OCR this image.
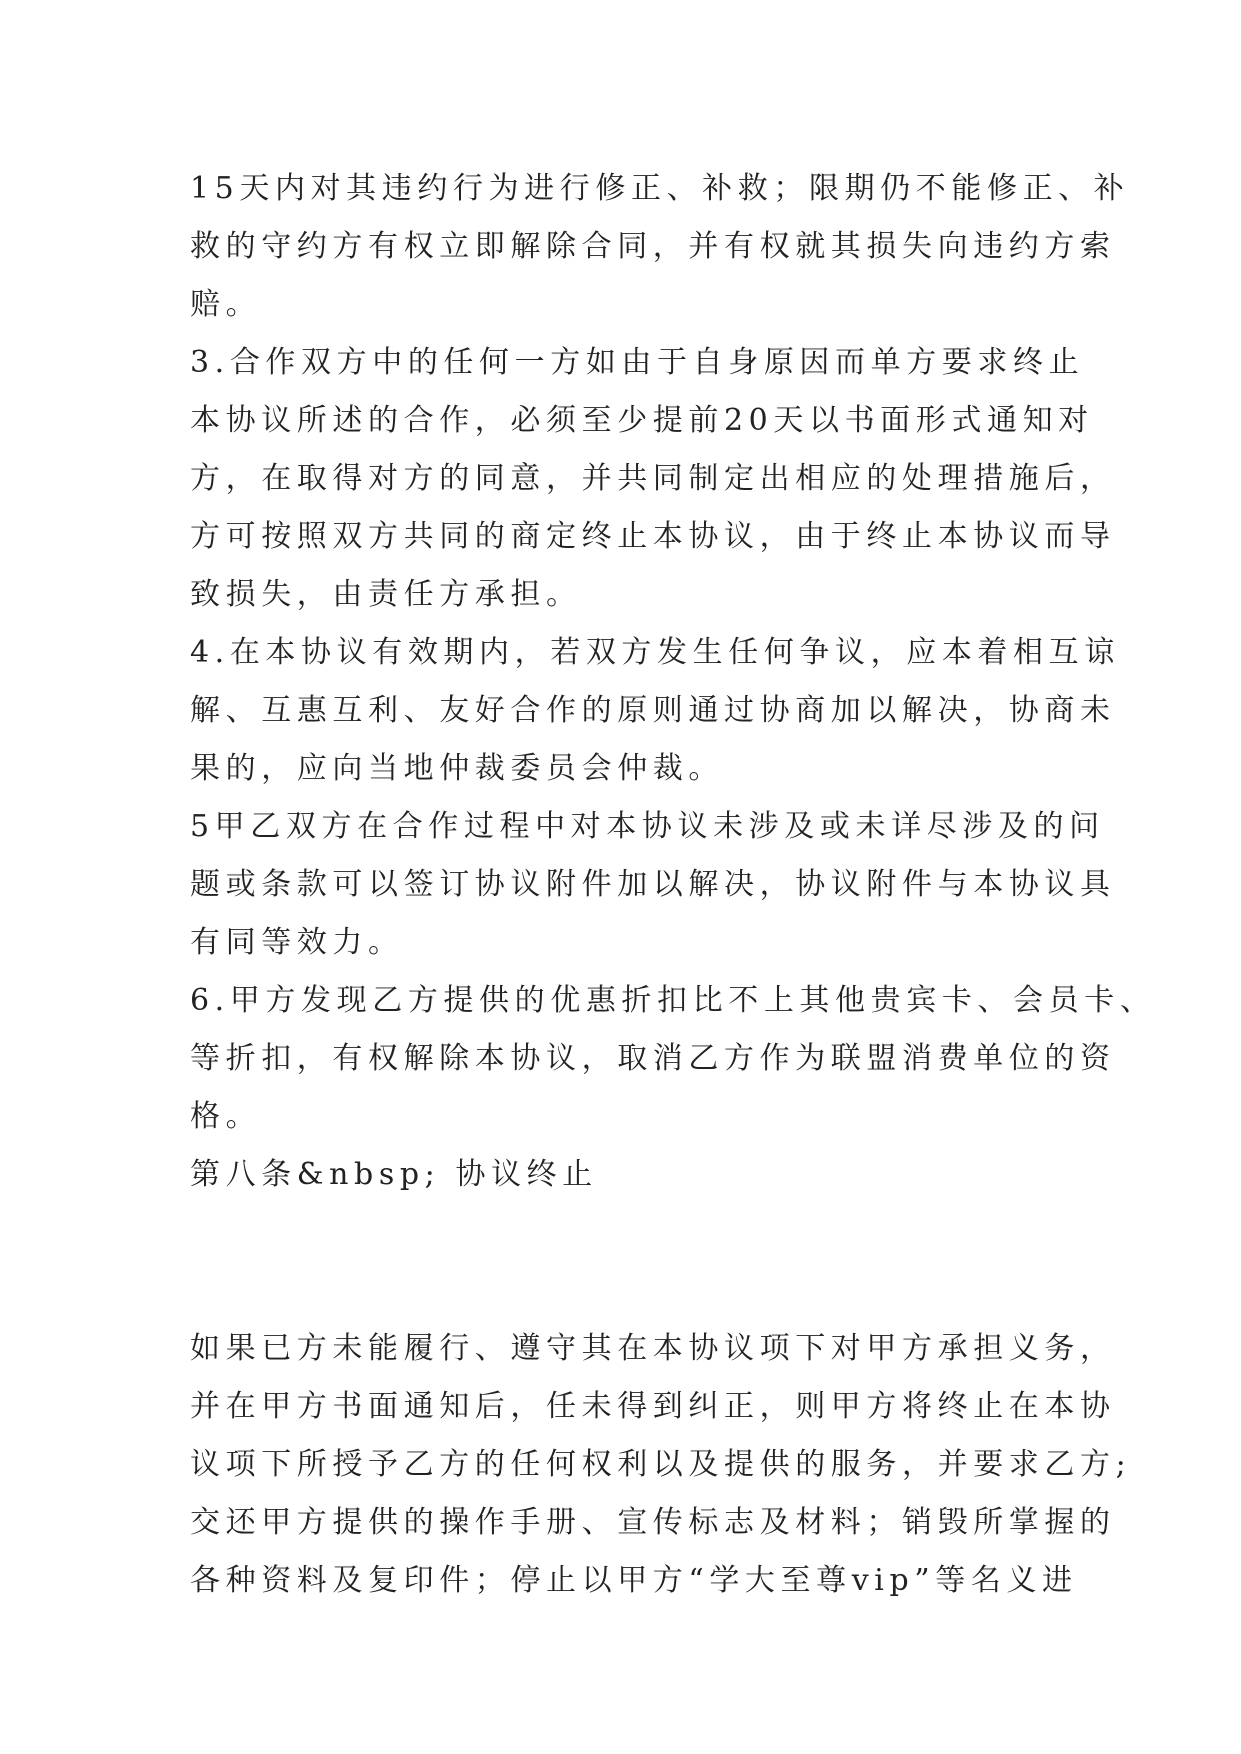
15天内对其违约行为进行修正、补救；限期仍不能修正、补
救的守约方有权立即解除合同，并有权就其损失向违约方索
赔。
3.合作双方中的任何一方如由于自身原因而单方要求终止
本协议所述的合作，必须至少提前20天以书面形式通知对
方，在取得对方的同意，并共同制定出相应的处理措施后，
方可按照双方共同的商定终止本协议，由于终止本协议而导
致损失，由责任方承担。
4.在本协议有效期内，若双方发生任何争议，应本着相互谅
解、互惠互利、友好合作的原则通过协商加以解决，协商未
果的，应向当地仲裁委员会仲裁。
5甲乙双方在合作过程中对本协议未涉及或未详尽涉及的问
题或条款可以签订协议附件加以解决，协议附件与本协议具
有同等效力。
6.甲方发现乙方提供的优惠折扣比不上其他贵宾卡、会员卡、
等折扣，有权解除本协议，取消乙方作为联盟消费单位的资
格。
第八条&nbsp; 协议终止
如果已方未能履行、遵守其在本协议项下对甲方承担义务，
并在甲方书面通知后，任未得到纠正，则甲方将终止在本协
议项下所授予乙方的任何权利以及提供的服务，并要求乙方;
交还甲方提供的操作手册、宣传标志及材料；销毁所掌握的
各种资料及复印件；停止以甲方“学大至尊vip”等名义进
